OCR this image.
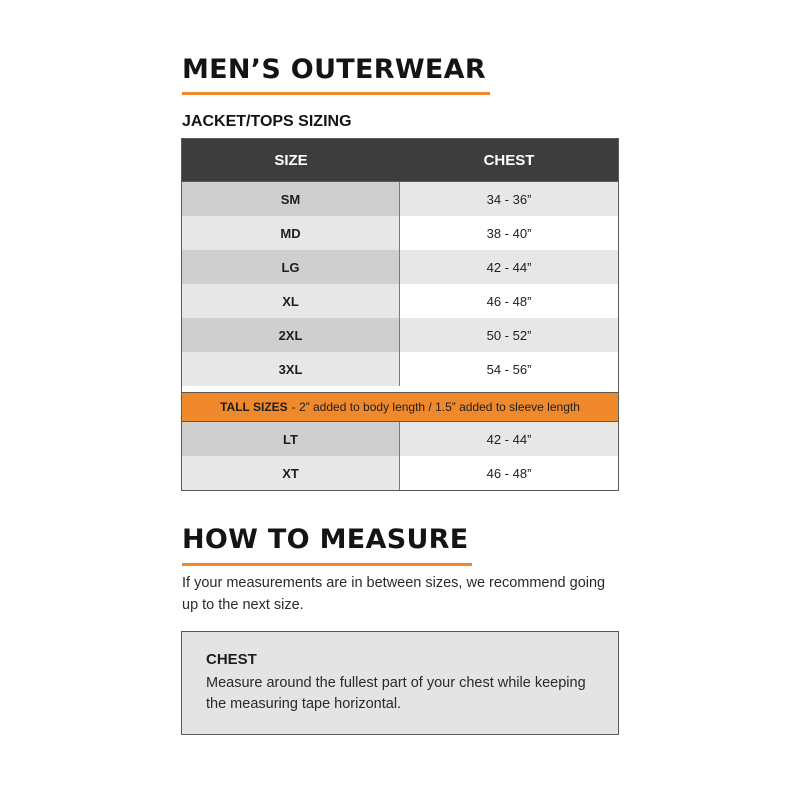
MEN’S OUTERWEAR
JACKET/TOPS SIZING
SIZE	CHEST
SM	34 - 36”
MD	38 - 40”
LG	42 - 44”
XL	46 - 48”
2XL	50 - 52”
3XL	54 - 56”
TALL SIZES - 2” added to body length / 1.5” added to sleeve length
LT	42 - 44”
XT	46 - 48”
HOW TO MEASURE

If your measurements are in between sizes, we recommend going up to the next size.

CHEST

Measure around the fullest part of your chest while keeping the measuring tape horizontal.
